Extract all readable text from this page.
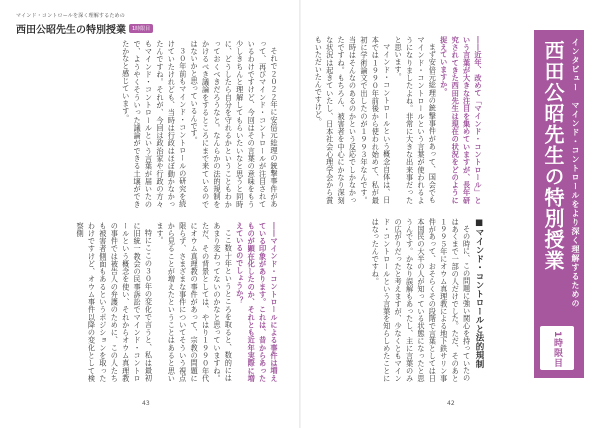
マインド・コントロールを深く理解するための
西田公昭先生の特別授業	1時限目

それで２０２２年に安倍元総理の銃撃事件があって、再びマインド・コントロールが注目されているわけですけど、今回はその言葉の意味をもう少しきちんと理解してもらいたいなと思うと同時に、どうしたら自分を守れるかということもわかっておくべきだろうなと。なんらかの法的規制をかけるべき議論をするところにまで来ているのではないかと思っているんです。

３０年前もマインド・コントロールの研究を続けていたけれども、当時は行政はほぼ動かなかったんですね。それが、今回は政治家や行政の方々もマインド・コントロールという言葉が届いたので、ようやくそういった議論ができる土壌ができたかなと感じています。

――マインド・コントロールによる事件は増えている印象があります。これは、昔からあったものが顕在化したのか、それとも近年実際に増えているのでしょうか？

ここ数十年というところを取ると、数的にはあまり変わってないのかなと思っていますね。ただ、その背景としては、やはり１９９０年代にオウム真理教の事件があって、宗教の問題に限らず、さまざまな事件についてそういう視点から見ることが増えたということはあると思います。

特にここの３０年の変化で言うと、私は最初に旧統一教会の民事訴訟でマインド・コントロールという概念を使い、それからオウム真理教の事件では被告人の弁護のために、この人たちも被害者側面もあるというポジションを取ったわけですけど、オウム事件以降の変化として検察側

43

――近年、改めて「マインド・コントロール」という言葉が大きな注目を集めていますが、長年研究されてきた西田先生は現在の状況をどのように捉えていますか。

まず安倍元総理の銃撃事件があって、国会でもマインド・コントロールという言葉が使われるようになりましたよね。非常に大きな出来事だったと思います。

マインド・コントロールという概念自体は、日本では１９９０年前後から使われ始めて、私が最初に学術論文で出したのが１９９３年なんです。当時はそんなのあるのかという反応でしかなかったですね。もちろん、被害者を中心にかなり深刻な状況は起きていたし、日本社会心理学会から賞もいただいたんですけど。

■マインド・コントロールと法的規制

その時に、この問題に強い関心を持っていたのはあくまで一部の人だけでした。ただ、そのあと１９９５年にオウム真理教による地下鉄サリン事件があって、おそらくその段階で言葉としては日本国民の大半の人が知っている状態になったと思うんです。かなり誤解もあったし、主に言葉のみの広がりだったと考えますが、少なくともマインド・コントロールという言葉を知らしめたことにはなったんですね。

42
インタビュー　マインド・コントロールをより深く理解するための
西田公昭先生の特別授業
1時限目
